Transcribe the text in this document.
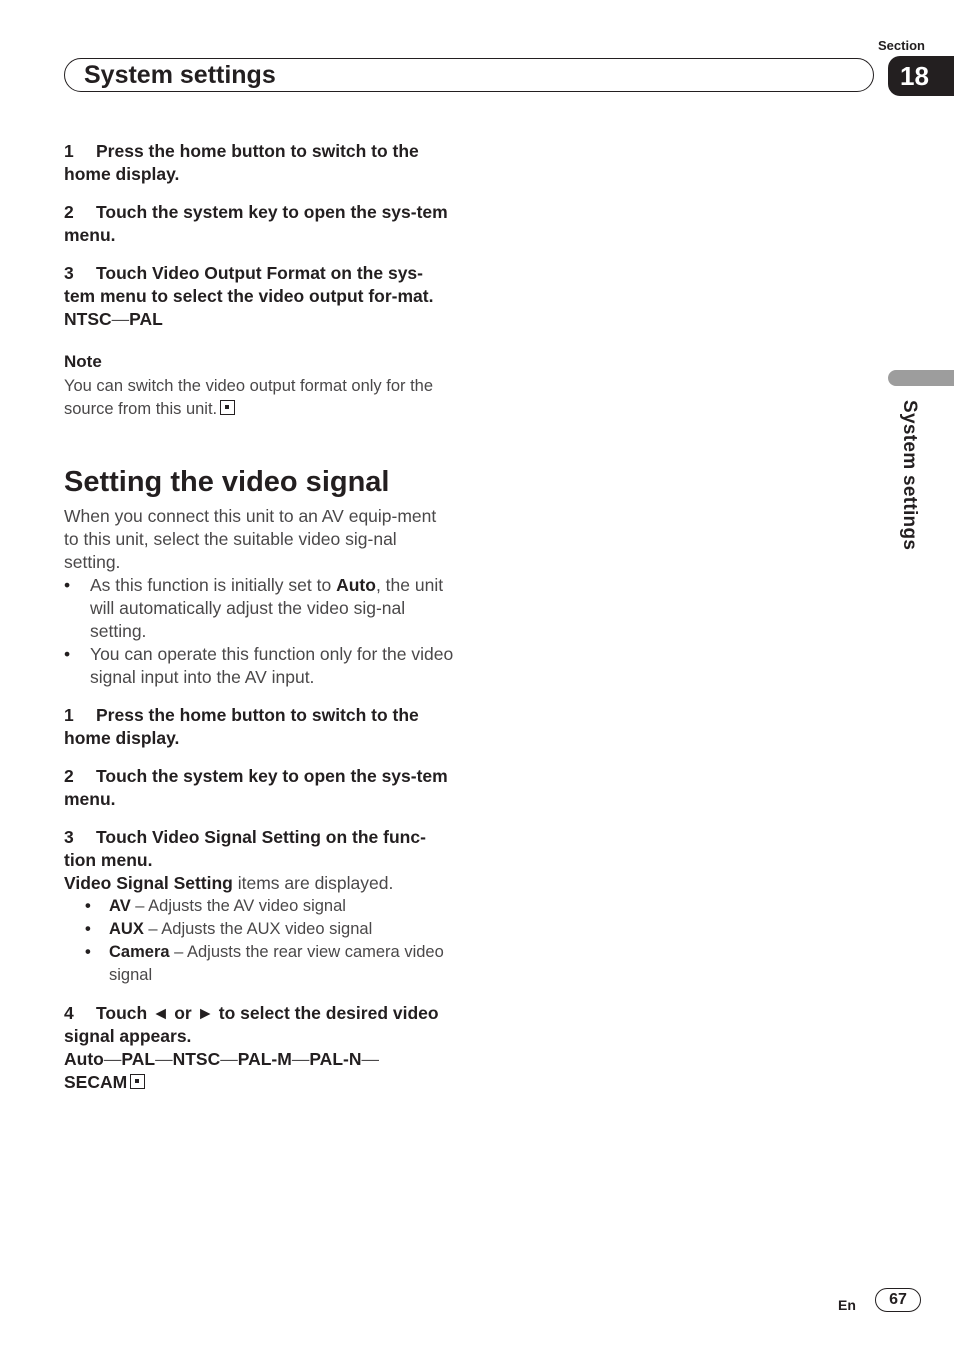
Section
18
System settings
System settings

1 Press the home button to switch to the home display.

2 Touch the system key to open the sys-tem menu.

3 Touch Video Output Format on the sys-tem menu to select the video output for-mat.

NTSC—PAL

Note

You can switch the video output format only for the source from this unit.

Setting the video signal

When you connect this unit to an AV equip-ment to this unit, select the suitable video sig-nal setting.

• As this function is initially set to Auto, the unit will automatically adjust the video sig-nal setting.
• You can operate this function only for the video signal input into the AV input.

1 Press the home button to switch to the home display.

2 Touch the system key to open the sys-tem menu.

3 Touch Video Signal Setting on the func-tion menu.

Video Signal Setting items are displayed.

• AV – Adjusts the AV video signal
• AUX – Adjusts the AUX video signal
• Camera – Adjusts the rear view camera video signal

4 Touch ◄ or ► to select the desired video signal appears.

Auto—PAL—NTSC—PAL-M—PAL-N—
SECAM

En	67
